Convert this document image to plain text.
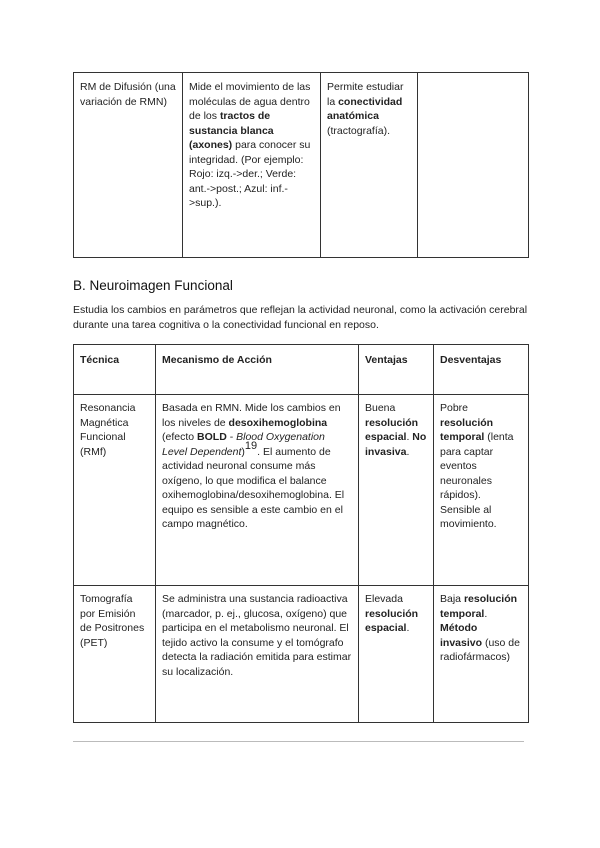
RM de Difusión (una variación de RMN)	Mide el movimiento de las moléculas de agua dentro de los tractos de sustancia blanca (axones) para conocer su integridad. (Por ejemplo: Rojo: izq.->der.; Verde: ant.->post.; Azul: inf.->sup.).	Permite estudiar la conectividad anatómica (tractografía).	
B. Neuroimagen Funcional

Estudia los cambios en parámetros que reflejan la actividad neuronal, como la activación cerebral durante una tarea cognitiva o la conectividad funcional en reposo.

Técnica	Mecanismo de Acción	Ventajas	Desventajas
Resonancia Magnética Funcional (RMf)	Basada en RMN. Mide los cambios en los niveles de desoxihemoglobina (efecto BOLD - Blood Oxygenation Level Dependent)$^{19}$. El aumento de actividad neuronal consume más oxígeno, lo que modifica el balance oxihemoglobina/desoxihemoglobina. El equipo es sensible a este cambio en el campo magnético.	Buena resolución espacial. No invasiva.	Pobre resolución temporal (lenta para captar eventos neuronales rápidos). Sensible al movimiento.
Tomografía por Emisión de Positrones (PET)	Se administra una sustancia radioactiva (marcador, p. ej., glucosa, oxígeno) que participa en el metabolismo neuronal. El tejido activo la consume y el tomógrafo detecta la radiación emitida para estimar su localización.	Elevada resolución espacial.	Baja resolución temporal. Método invasivo (uso de radiofármacos)
